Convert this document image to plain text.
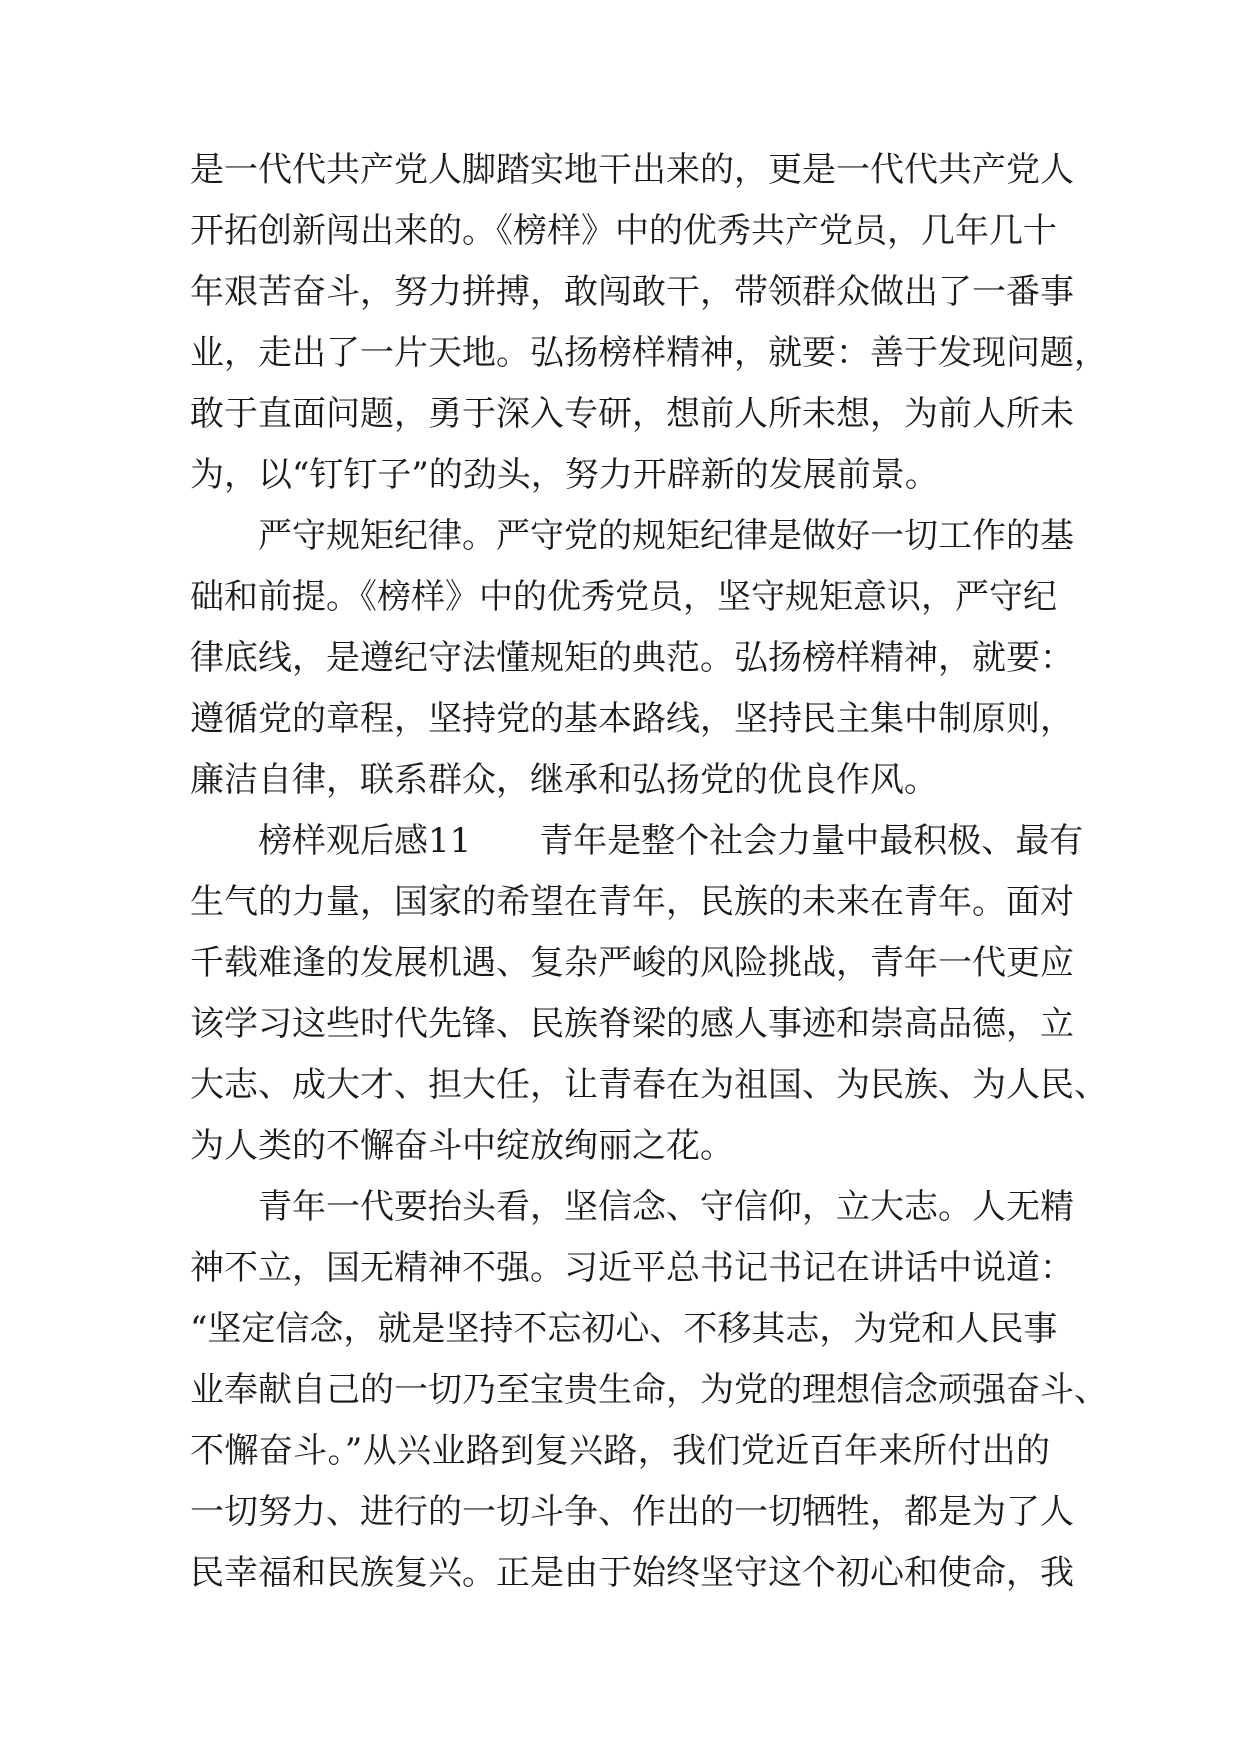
是一代代共产党人脚踏实地干出来的，更是一代代共产党人
开拓创新闯出来的。《榜样》中的优秀共产党员，几年几十
年艰苦奋斗，努力拼搏，敢闯敢干，带领群众做出了一番事
业，走出了一片天地。弘扬榜样精神，就要：善于发现问题，
敢于直面问题，勇于深入专研，想前人所未想，为前人所未
为，以“钉钉子”的劲头，努力开辟新的发展前景。
严守规矩纪律。严守党的规矩纪律是做好一切工作的基
础和前提。《榜样》中的优秀党员，坚守规矩意识，严守纪
律底线，是遵纪守法懂规矩的典范。弘扬榜样精神，就要：
遵循党的章程，坚持党的基本路线，坚持民主集中制原则，
廉洁自律，联系群众，继承和弘扬党的优良作风。
榜样观后感11　　青年是整个社会力量中最积极、最有
生气的力量，国家的希望在青年，民族的未来在青年。面对
千载难逢的发展机遇、复杂严峻的风险挑战，青年一代更应
该学习这些时代先锋、民族脊梁的感人事迹和崇高品德，立
大志、成大才、担大任，让青春在为祖国、为民族、为人民、
为人类的不懈奋斗中绽放绚丽之花。
青年一代要抬头看，坚信念、守信仰，立大志。人无精
神不立，国无精神不强。习近平总书记书记在讲话中说道：
“坚定信念，就是坚持不忘初心、不移其志，为党和人民事
业奉献自己的一切乃至宝贵生命，为党的理想信念顽强奋斗、
不懈奋斗。”从兴业路到复兴路，我们党近百年来所付出的
一切努力、进行的一切斗争、作出的一切牺牲，都是为了人
民幸福和民族复兴。正是由于始终坚守这个初心和使命，我
